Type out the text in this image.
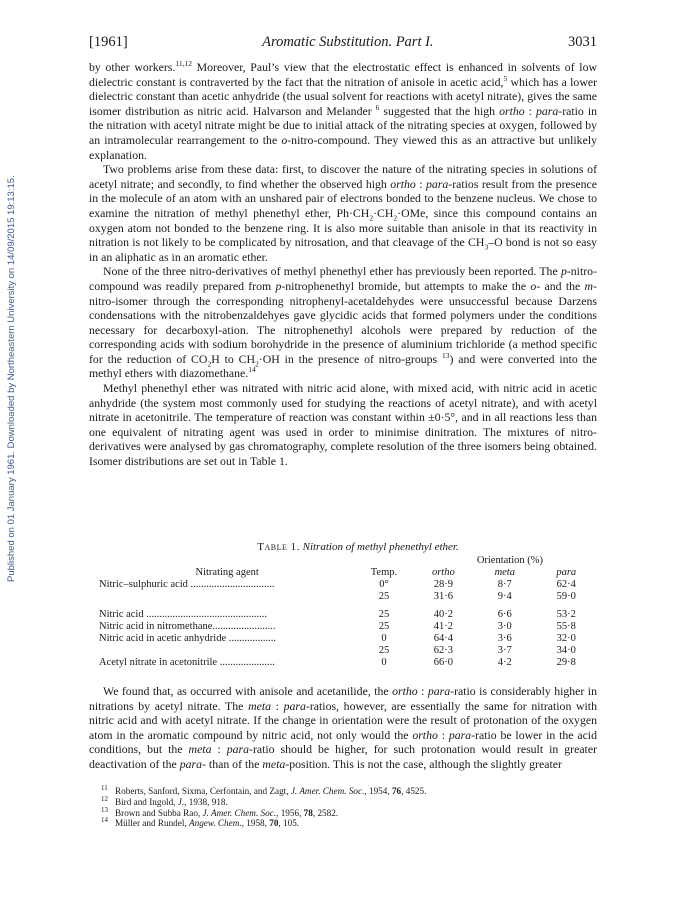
[1961]	Aromatic Substitution. Part I.	3031
Published on 01 January 1961. Downloaded by Northeastern University on 14/09/2015 19:13:15.

by other workers.$^{11,12}$ Moreover, Paul’s view that the electrostatic effect is enhanced in solvents of low dielectric constant is contraverted by the fact that the nitration of anisole in acetic acid,$^5$ which has a lower dielectric constant than acetic anhydride (the usual solvent for reactions with acetyl nitrate), gives the same isomer distribution as nitric acid. Halvarson and Melander $^6$ suggested that the high ortho : para-ratio in the nitration with acetyl nitrate might be due to initial attack of the nitrating species at oxygen, followed by an intramolecular rearrangement to the o-nitro-compound. They viewed this as an attractive but unlikely explanation.

Two problems arise from these data: first, to discover the nature of the nitrating species in solutions of acetyl nitrate; and secondly, to find whether the observed high ortho : para-ratios result from the presence in the molecule of an atom with an unshared pair of electrons bonded to the benzene nucleus. We chose to examine the nitration of methyl phenethyl ether, $Ph\cdot CH_2\cdot CH_2\cdot OMe$, since this compound contains an oxygen atom not bonded to the benzene ring. It is also more suitable than anisole in that its reactivity in nitration is not likely to be complicated by nitrosation, and that cleavage of the $CH_3-O$ bond is not so easy in an aliphatic as in an aromatic ether.

None of the three nitro-derivatives of methyl phenethyl ether has previously been reported. The p-nitro-compound was readily prepared from p-nitrophenethyl bromide, but attempts to make the o- and the m-nitro-isomer through the corresponding nitrophenyl-acetaldehydes were unsuccessful because Darzens condensations with the nitrobenzaldehyes gave glycidic acids that formed polymers under the conditions necessary for decarboxyl-ation. The nitrophenethyl alcohols were prepared by reduction of the corresponding acids with sodium borohydride in the presence of aluminium trichloride (a method specific for the reduction of $CO_2H$ to $CH_2\cdot OH$ in the presence of nitro-groups $^{13}$) and were converted into the methyl ethers with diazomethane.$^{14}$

Methyl phenethyl ether was nitrated with nitric acid alone, with mixed acid, with nitric acid in acetic anhydride (the system most commonly used for studying the reactions of acetyl nitrate), and with acetyl nitrate in acetonitrile. The temperature of reaction was constant within ±0·5°, and in all reactions less than one equivalent of nitrating agent was used in order to minimise dinitration. The mixtures of nitro-derivatives were analysed by gas chromatography, complete resolution of the three isomers being obtained. Isomer distributions are set out in Table 1.

Table 1. Nitration of methyl phenethyl ether.
Orientation (%)				
Nitrating agent	Temp.	ortho	meta	para
Nitric–sulphuric acid ................................	0°	28·9	8·7	62·4
	25	31·6	9·4	59·0

Nitric acid ..............................................	25	40·2	6·6	53·2
Nitric acid in nitromethane........................	25	41·2	3·0	55·8
Nitric acid in acetic anhydride ..................	0	64·4	3·6	32·0
	25	62·3	3·7	34·0
Acetyl nitrate in acetonitrile .....................	0	66·0	4·2	29·8

We found that, as occurred with anisole and acetanilide, the ortho : para-ratio is considerably higher in nitrations by acetyl nitrate. The meta : para-ratios, however, are essentially the same for nitration with nitric acid and with acetyl nitrate. If the change in orientation were the result of protonation of the oxygen atom in the aromatic compound by nitric acid, not only would the ortho : para-ratio be lower in the acid conditions, but the meta : para-ratio should be higher, for such protonation would result in greater deactivation of the para- than of the meta-position. This is not the case, although the slightly greater

11 Roberts, Sanford, Sixma, Cerfontain, and Zagt, J. Amer. Chem. Soc., 1954, 76, 4525.
12 Bird and Ingold, J., 1938, 918.
13 Brown and Subba Rao, J. Amer. Chem. Soc., 1956, 78, 2582.
14 Müller and Rundel, Angew. Chem., 1958, 70, 105.
